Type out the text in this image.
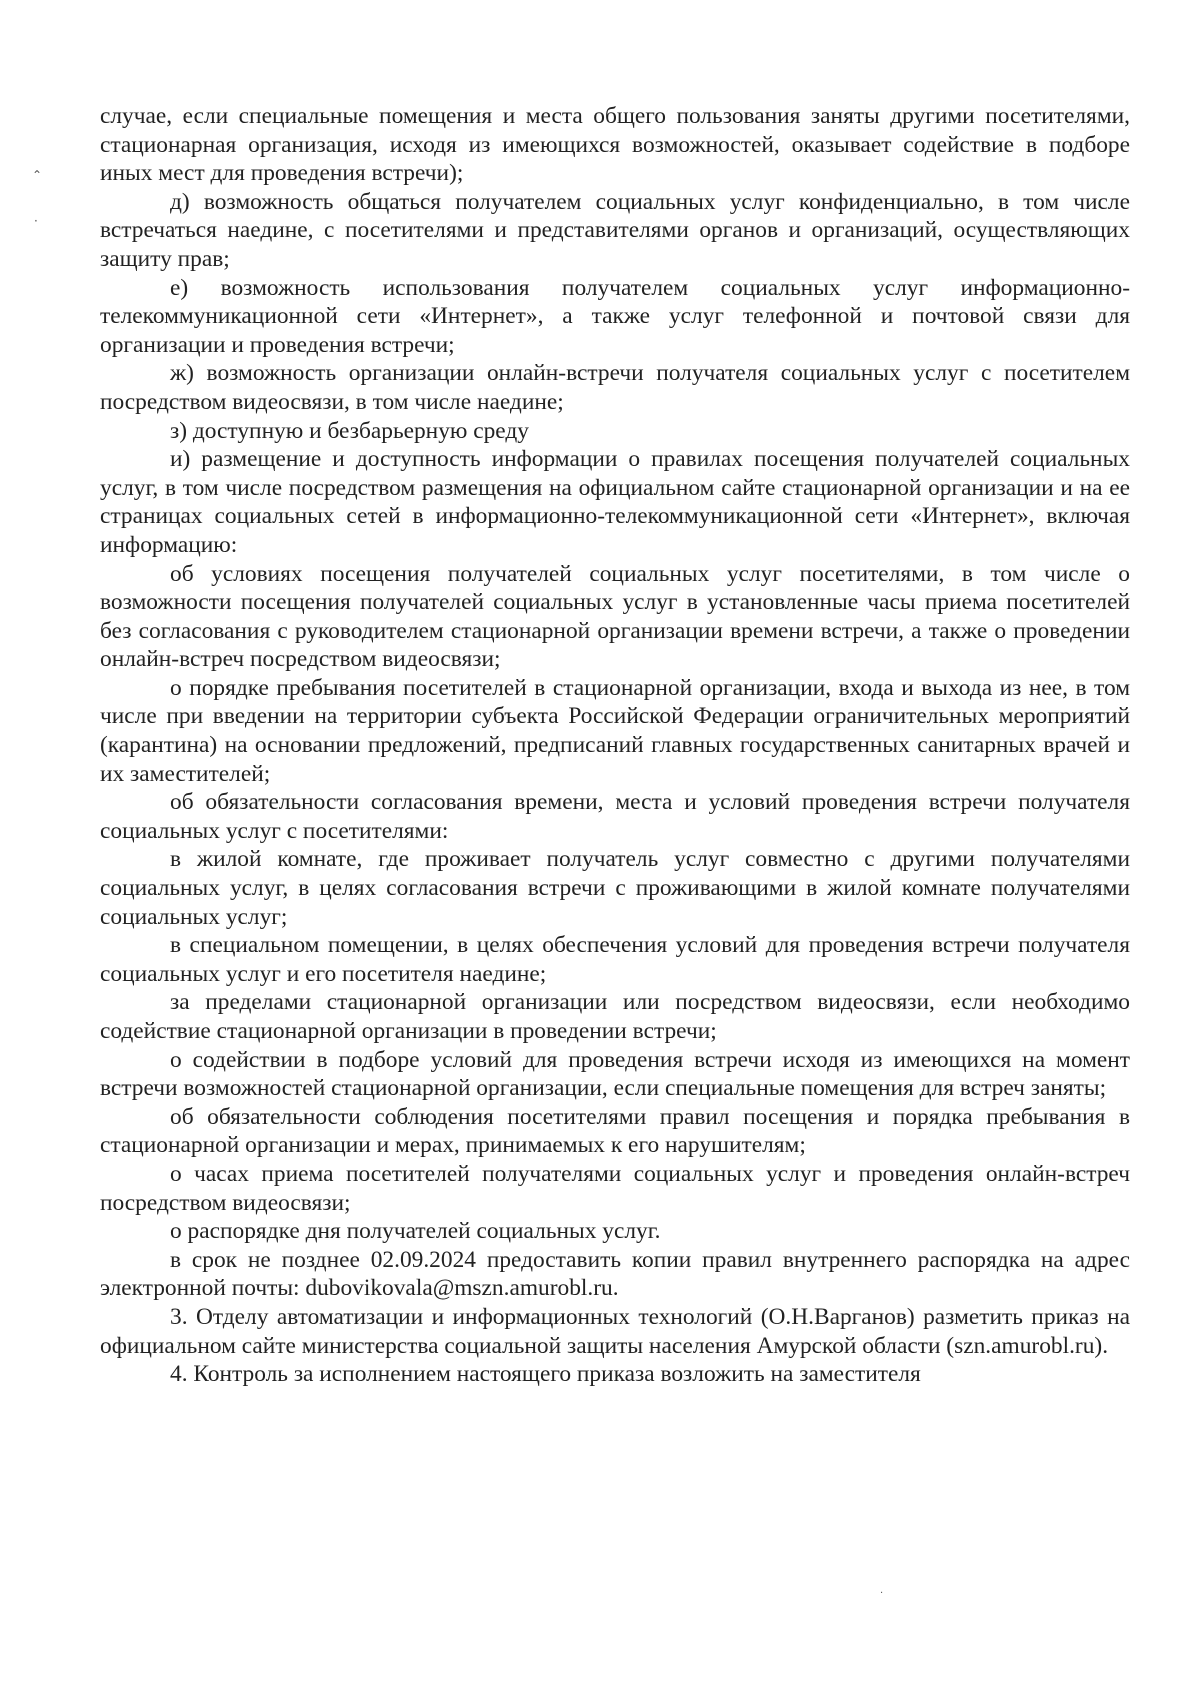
случае, если специальные помещения и места общего пользования заняты другими посетителями, стационарная организация, исходя из имеющихся возможностей, оказывает содействие в подборе иных мест для проведения встречи);

д) возможность общаться получателем социальных услуг конфиденциально, в том числе встречаться наедине, с посетителями и представителями органов и организаций, осуществляющих защиту прав;

е) возможность использования получателем социальных услуг информационно-телекоммуникационной сети «Интернет», а также услуг телефонной и почтовой связи для организации и проведения встречи;

ж) возможность организации онлайн-встречи получателя социальных услуг с посетителем посредством видеосвязи, в том числе наедине;

з) доступную и безбарьерную среду

и) размещение и доступность информации о правилах посещения получателей социальных услуг, в том числе посредством размещения на официальном сайте стационарной организации и на ее страницах социальных сетей в информационно-телекоммуникационной сети «Интернет», включая информацию:

об условиях посещения получателей социальных услуг посетителями, в том числе о возможности посещения получателей социальных услуг в установленные часы приема посетителей без согласования с руководителем стационарной организации времени встречи, а также о проведении онлайн-встреч посредством видеосвязи;

о порядке пребывания посетителей в стационарной организации, входа и выхода из нее, в том числе при введении на территории субъекта Российской Федерации ограничительных мероприятий (карантина) на основании предложений, предписаний главных государственных санитарных врачей и их заместителей;

об обязательности согласования времени, места и условий проведения встречи получателя социальных услуг с посетителями:

в жилой комнате, где проживает получатель услуг совместно с другими получателями социальных услуг, в целях согласования встречи с проживающими в жилой комнате получателями социальных услуг;

в специальном помещении, в целях обеспечения условий для проведения встречи получателя социальных услуг и его посетителя наедине;

за пределами стационарной организации или посредством видеосвязи, если необходимо содействие стационарной организации в проведении встречи;

о содействии в подборе условий для проведения встречи исходя из имеющихся на момент встречи возможностей стационарной организации, если специальные помещения для встреч заняты;

об обязательности соблюдения посетителями правил посещения и порядка пребывания в стационарной организации и мерах, принимаемых к его нарушителям;

о часах приема посетителей получателями социальных услуг и проведения онлайн-встреч посредством видеосвязи;

о распорядке дня получателей социальных услуг.

в срок не позднее 02.09.2024 предоставить копии правил внутреннего распорядка на адрес электронной почты: dubovikovala@mszn.amurobl.ru.

3. Отделу автоматизации и информационных технологий (О.Н.Варганов) разметить приказ на официальном сайте министерства социальной защиты населения Амурской области (szn.amurobl.ru).

4. Контроль за исполнением настоящего приказа возложить на заместителя

⌃
·
·
